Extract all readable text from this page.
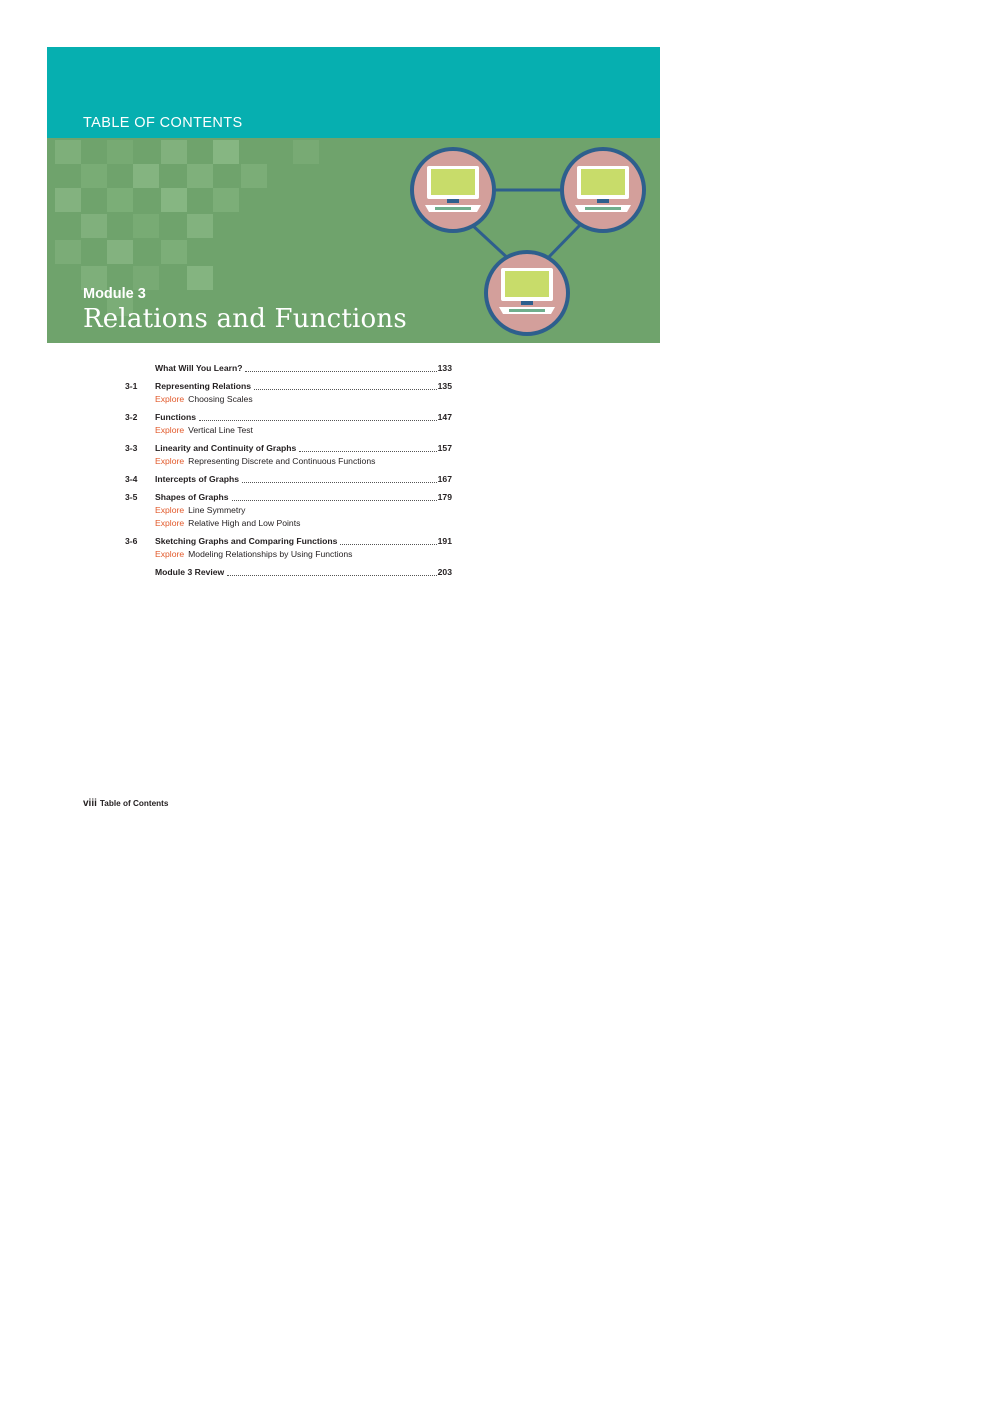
TABLE OF CONTENTS
Module 3
Relations and Functions
What Will You Learn?	133
3-1	Representing Relations	135
Explore Choosing Scales
3-2	Functions	147
Explore Vertical Line Test
3-3	Linearity and Continuity of Graphs	157
Explore Representing Discrete and Continuous Functions
3-4	Intercepts of Graphs	167
3-5	Shapes of Graphs	179
Explore Line Symmetry
Explore Relative High and Low Points
3-6	Sketching Graphs and Comparing Functions	191
Explore Modeling Relationships by Using Functions
Module 3 Review	203
viii Table of Contents
